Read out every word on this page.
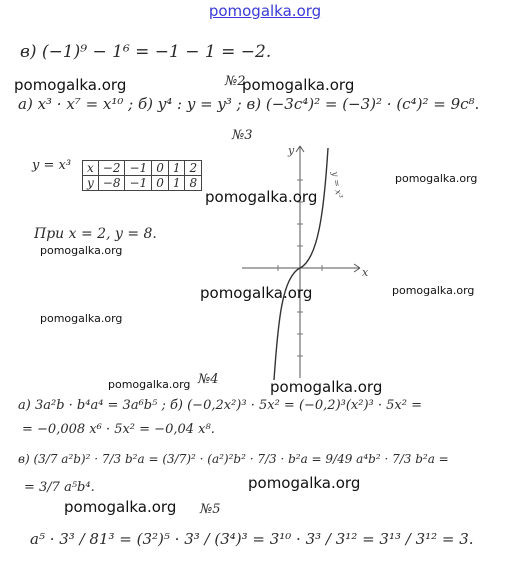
pomogalka.org
в) (−1)⁹ − 1⁶ = −1 − 1 = −2.
№2
а) x³ · x⁷ = x¹⁰ ; б) y⁴ : y = y³ ; в) (−3c⁴)² = (−3)² · (c⁴)² = 9c⁸.
№3
y = x³ x	−2	−1	0	1	2
y	−8	−1	0	1	8
При x = 2, y = 8.
x
y
y = x³
№4
а) 3a²b · b⁴a⁴ = 3a⁶b⁵ ; б) (−0,2x²)³ · 5x² = (−0,2)³(x²)³ · 5x² =
= −0,008 x⁶ · 5x² = −0,04 x⁸.
в) (3/7 a²b)² · 7/3 b²a = (3/7)² · (a²)²b² · 7/3 · b²a = 9/49 a⁴b² · 7/3 b²a =
= 3/7 a⁵b⁴.
№5
a⁵ · 3³ / 81³ = (3²)⁵ · 3³ / (3⁴)³ = 3¹⁰ · 3³ / 3¹² = 3¹³ / 3¹² = 3.
pomogalka.org	pomogalka.org
pomogalka.org
pomogalka.org
pomogalka.org
pomogalka.org	pomogalka.org
pomogalka.org
pomogalka.org	pomogalka.org
pomogalka.org
pomogalka.org
